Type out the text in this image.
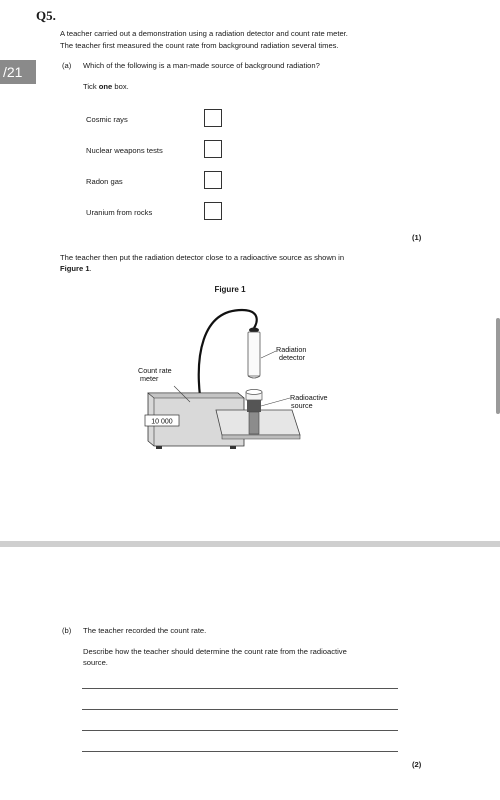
Q5.
A teacher carried out a demonstration using a radiation detector and count rate meter.
The teacher first measured the count rate from background radiation several times.
/21	(a) Which of the following is a man-made source of background radiation?
Tick one box.
Cosmic rays
Nuclear weapons tests
Radon gas
Uranium from rocks
(1)
The teacher then put the radiation detector close to a radioactive source as shown in
Figure 1.
Figure 1
10 000
Radiation
detector
Count rate
meter
Radioactive
source
(b) The teacher recorded the count rate.
Describe how the teacher should determine the count rate from the radioactive
source.
(2)
